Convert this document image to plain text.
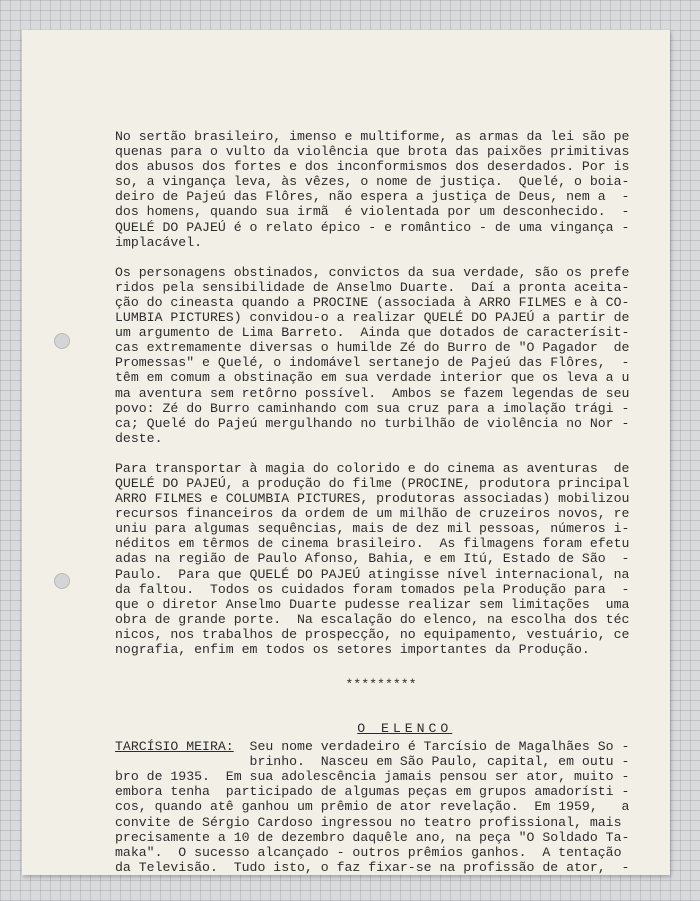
No sertão brasileiro, imenso e multiforme, as armas da lei são pe
quenas para o vulto da violência que brota das paixões primitivas
dos abusos dos fortes e dos inconformismos dos deserdados. Por is
so, a vingança leva, às vêzes, o nome de justiça.  Quelé, o boia-
deiro de Pajeú das Flôres, não espera a justiça de Deus, nem a  -
dos homens, quando sua irmã  é violentada por um desconhecido.  -
QUELÉ DO PAJEÚ é o relato épico - e romântico - de uma vingança -
implacável.
Os personagens obstinados, convictos da sua verdade, são os prefe
ridos pela sensibilidade de Anselmo Duarte.  Daí a pronta aceita-
ção do cineasta quando a PROCINE (associada à ARRO FILMES e à CO-
LUMBIA PICTURES) convidou-o a realizar QUELÉ DO PAJEÚ a partir de
um argumento de Lima Barreto.  Ainda que dotados de caracterísit-
cas extremamente diversas o humilde Zé do Burro de "O Pagador  de
Promessas" e Quelé, o indomável sertanejo de Pajeú das Flôres,  -
têm em comum a obstinação em sua verdade interior que os leva a u
ma aventura sem retôrno possível.  Ambos se fazem legendas de seu
povo: Zé do Burro caminhando com sua cruz para a imolação trági -
ca; Quelé do Pajeú mergulhando no turbilhão de violência no Nor -
deste.
Para transportar à magia do colorido e do cinema as aventuras  de
QUELÉ DO PAJEÚ, a produção do filme (PROCINE, produtora principal
ARRO FILMES e COLUMBIA PICTURES, produtoras associadas) mobilizou
recursos financeiros da ordem de um milhão de cruzeiros novos, re
uniu para algumas sequências, mais de dez mil pessoas, números i-
néditos em têrmos de cinema brasileiro.  As filmagens foram efetu
adas na região de Paulo Afonso, Bahia, e em Itú, Estado de São  -
Paulo.  Para que QUELÉ DO PAJEÚ atingisse nível internacional, na
da faltou.  Todos os cuidados foram tomados pela Produção para  -
que o diretor Anselmo Duarte pudesse realizar sem limitações  uma
obra de grande porte.  Na escalação do elenco, na escolha dos téc
nicos, nos trabalhos de prospecção, no equipamento, vestuário, ce
nografia, enfim em todos os setores importantes da Produção.
*********

O ELENCO

TARCÍSIO MEIRA:  Seu nome verdadeiro é Tarcísio de Magalhães So -
brinho.  Nasceu em São Paulo, capital, em outu -
bro de 1935.  Em sua adolescência jamais pensou ser ator, muito -
embora tenha  participado de algumas peças em grupos amadorísti -
cos, quando atê ganhou um prêmio de ator revelação.  Em 1959,   a
convite de Sérgio Cardoso ingressou no teatro profissional, mais
precisamente a 10 de dezembro daquêle ano, na peça "O Soldado Ta-
maka".  O sucesso alcançado - outros prêmios ganhos.  A tentação
da Televisão.  Tudo isto, o faz fixar-se na profissão de ator,  -
